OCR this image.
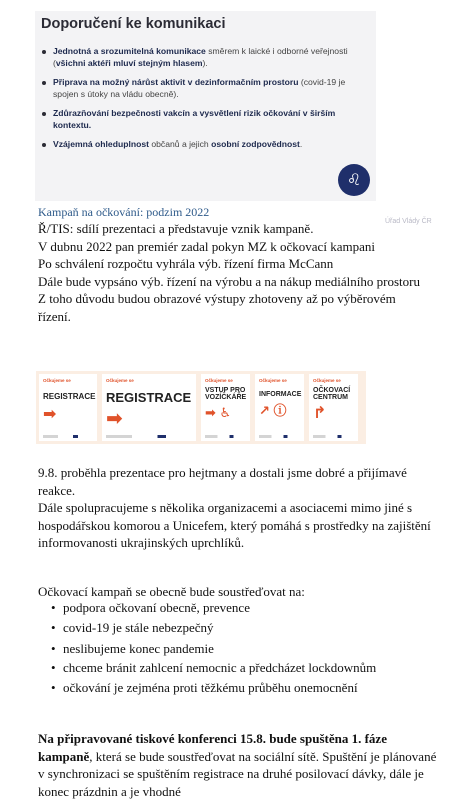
Doporučení ke komunikaci
Jednotná a srozumitelná komunikace směrem k laické i odborné veřejnosti (všichni aktéři mluví stejným hlasem).
Připrava na možný nárůst aktivit v dezinformačním prostoru (covid-19 je spojen s útoky na vládu obecně).
Zdůrazňování bezpečnosti vakcín a vysvětlení rizik očkování v širším kontextu.
Vzájemná ohleduplnost občanů a jejich osobní zodpovědnost.
♌
Úřad Vlády ČR
Kampaň na očkování: podzim 2022

Ř/TIS: sdílí prezentaci a představuje vznik kampaně.

V dubnu 2022 pan premiér zadal pokyn MZ k očkovací kampani

Po schválení rozpočtu vyhrála výb. řízení firma McCann

Dále bude vypsáno výb. řízení na výrobu a na nákup mediálního prostoru

Z toho důvodu budou obrazové výstupy zhotoveny až po výběrovém řízení.

Očkujeme se
REGISTRACE
➡
Očkujeme se
REGISTRACE
➡
Očkujeme se
VSTUP PRO VOZÍČKÁŘE
➡ ♿
Očkujeme se
INFORMACE
↗ ⓘ
Očkujeme se
OČKOVACÍ CENTRUM
↱

9.8. proběhla prezentace pro hejtmany a dostali jsme dobré a přijímavé reakce.

Dále spolupracujeme s několika organizacemi a asociacemi mimo jiné s hospodářskou komorou a Unicefem, který pomáhá s prostředky na zajištění informovanosti ukrajinských uprchlíků.

Očkovací kampaň se obecně bude soustřeďovat na:

• podpora očkovaní obecně, prevence
• covid-19 je stále nebezpečný
• neslibujeme konec pandemie
• chceme bránit zahlcení nemocnic a předcházet lockdownům
• očkování je zejména proti těžkému průběhu onemocnění

Na připravované tiskové konferenci 15.8. bude spuštěna 1. fáze kampaně, která se bude soustřeďovat na sociální sítě. Spuštění je plánované v synchronizaci se spuštěním registrace na druhé posilovací dávky, dále je konec prázdnin a je vhodné
